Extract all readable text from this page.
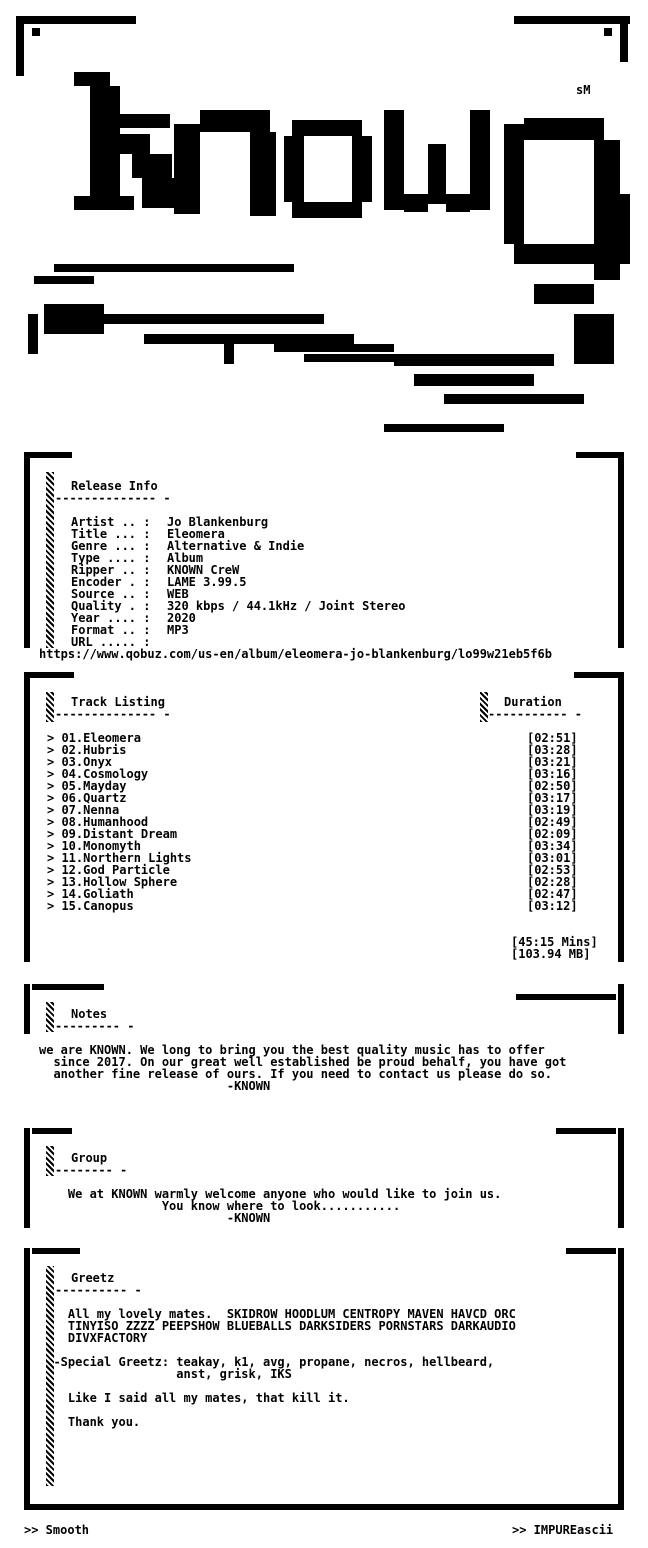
sM
Release Info
-------------- -
Artist .. : Jo Blankenburg
Title ... : Eleomera
Genre ... : Alternative & Indie
Type .... : Album
Ripper .. : KNOWN CreW
Encoder . : LAME 3.99.5
Source .. : WEB
Quality . : 320 kbps / 44.1kHz / Joint Stereo
Year .... : 2020
Format .. : MP3
URL ..... :
https://www.qobuz.com/us-en/album/eleomera-jo-blankenburg/lo99w21eb5f6b
Track Listing
-------------- -
Duration
----------- -
> 01.Eleomera	[02:51]
> 02.Hubris	[03:28]
> 03.Onyx	[03:21]
> 04.Cosmology	[03:16]
> 05.Mayday	[02:50]
> 06.Quartz	[03:17]
> 07.Nenna	[03:19]
> 08.Humanhood	[02:49]
> 09.Distant Dream	[02:09]
> 10.Monomyth	[03:34]
> 11.Northern Lights	[03:01]
> 12.God Particle	[02:53]
> 13.Hollow Sphere	[02:28]
> 14.Goliath	[02:47]
> 15.Canopus	[03:12]
[45:15 Mins]
[103.94 MB]
Notes
--------- -
we are KNOWN. We long to bring you the best quality music has to offer
since 2017. On our great well established be proud behalf, you have got
another fine release of ours. If you need to contact us please do so.
-KNOWN
Group
-------- -
We at KNOWN warmly welcome anyone who would like to join us.
You know where to look...........
-KNOWN
Greetz
---------- -
All my lovely mates.  SKIDROW HOODLUM CENTROPY MAVEN HAVCD ORC
TINYISO ZZZZ PEEPSHOW BLUEBALLS DARKSIDERS PORNSTARS DARKAUDIO
DIVXFACTORY
-Special Greetz: teakay, k1, avg, propane, necros, hellbeard,
anst, grisk, IKS
Like I said all my mates, that kill it.
Thank you.
>> Smooth	>> IMPUREascii
